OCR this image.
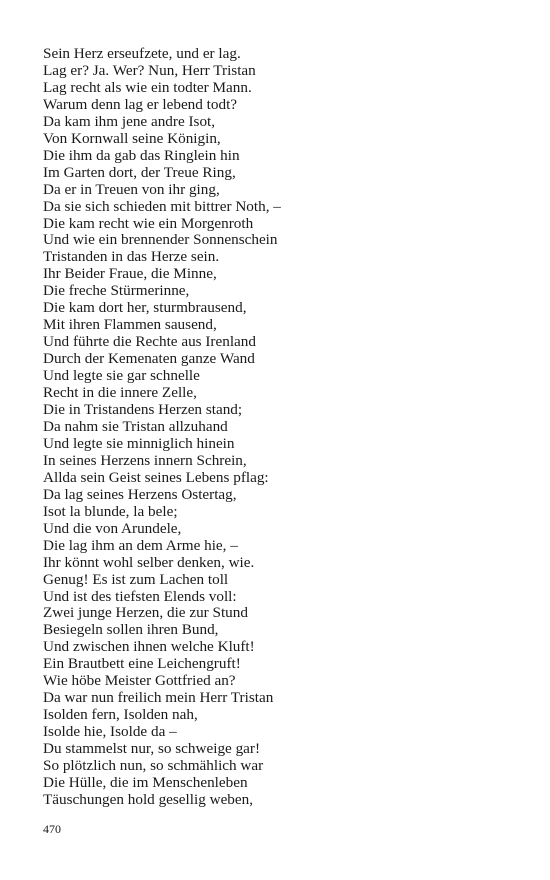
Sein Herz erseufzete, und er lag.
Lag er? Ja. Wer? Nun, Herr Tristan
Lag recht als wie ein todter Mann.
Warum denn lag er lebend todt?
Da kam ihm jene andre Isot,
Von Kornwall seine Königin,
Die ihm da gab das Ringlein hin
Im Garten dort, der Treue Ring,
Da er in Treuen von ihr ging,
Da sie sich schieden mit bittrer Noth, –
Die kam recht wie ein Morgenroth
Und wie ein brennender Sonnenschein
Tristanden in das Herze sein.
Ihr Beider Fraue, die Minne,
Die freche Stürmerinne,
Die kam dort her, sturmbrausend,
Mit ihren Flammen sausend,
Und führte die Rechte aus Irenland
Durch der Kemenaten ganze Wand
Und legte sie gar schnelle
Recht in die innere Zelle,
Die in Tristandens Herzen stand;
Da nahm sie Tristan allzuhand
Und legte sie minniglich hinein
In seines Herzens innern Schrein,
Allda sein Geist seines Lebens pflag:
Da lag seines Herzens Ostertag,
Isot la blunde, la bele;
Und die von Arundele,
Die lag ihm an dem Arme hie, –
Ihr könnt wohl selber denken, wie.
Genug! Es ist zum Lachen toll
Und ist des tiefsten Elends voll:
Zwei junge Herzen, die zur Stund
Besiegeln sollen ihren Bund,
Und zwischen ihnen welche Kluft!
Ein Brautbett eine Leichengruft!
Wie höbe Meister Gottfried an?
Da war nun freilich mein Herr Tristan
Isolden fern, Isolden nah,
Isolde hie, Isolde da –
Du stammelst nur, so schweige gar!
So plötzlich nun, so schmählich war
Die Hülle, die im Menschenleben
Täuschungen hold gesellig weben,
470
